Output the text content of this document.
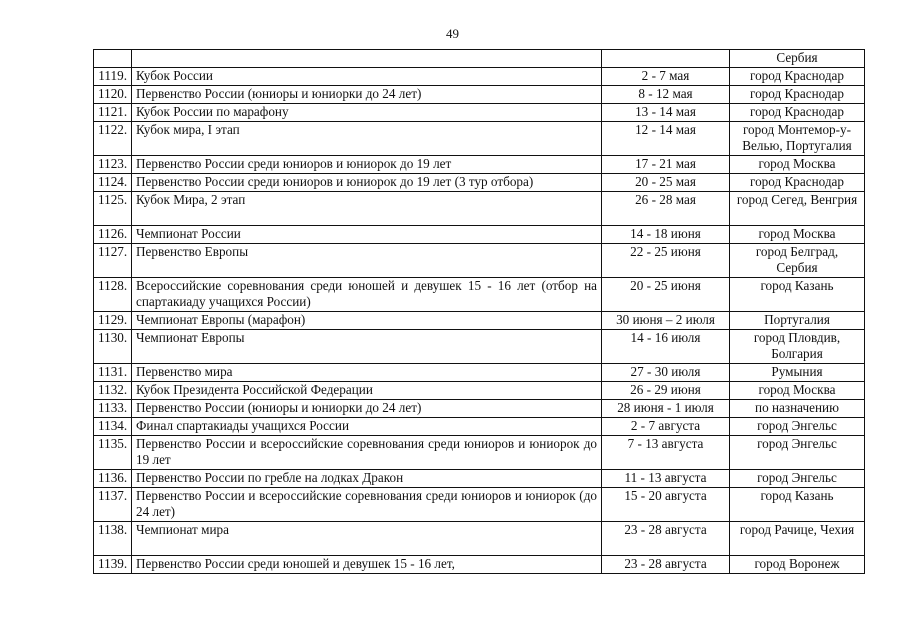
49
			Сербия
1119.	Кубок России	2 - 7 мая	город Краснодар
1120.	Первенство России (юниоры и юниорки до 24 лет)	8 - 12 мая	город Краснодар
1121.	Кубок России по марафону	13 - 14 мая	город Краснодар
1122.	Кубок мира, I этап	12 - 14 мая	город Монтемор-у-Велью, Португалия
1123.	Первенство России среди юниоров и юниорок до 19 лет	17 - 21 мая	город Москва
1124.	Первенство России среди юниоров и юниорок до 19 лет (3 тур отбора)	20 - 25 мая	город Краснодар
1125.	Кубок Мира, 2 этап	26 - 28 мая	город Сегед, Венгрия
1126.	Чемпионат России	14 - 18 июня	город Москва
1127.	Первенство Европы	22 - 25 июня	город Белград, Сербия
1128.	Всероссийские соревнования среди юношей и девушек 15 - 16 лет (отбор на спартакиаду учащихся России)	20 - 25 июня	город Казань
1129.	Чемпионат Европы (марафон)	30 июня – 2 июля	Португалия
1130.	Чемпионат Европы	14 - 16 июля	город Пловдив, Болгария
1131.	Первенство мира	27 - 30 июля	Румыния
1132.	Кубок Президента Российской Федерации	26 - 29 июня	город Москва
1133.	Первенство России (юниоры и юниорки до 24 лет)	28 июня - 1 июля	по назначению
1134.	Финал спартакиады учащихся России	2 - 7 августа	город Энгельс
1135.	Первенство России и всероссийские соревнования среди юниоров и юниорок до 19 лет	7 - 13 августа	город Энгельс
1136.	Первенство России по гребле на лодках Дракон	11 - 13 августа	город Энгельс
1137.	Первенство России и всероссийские соревнования среди юниоров и юниорок (до 24 лет)	15 - 20 августа	город Казань
1138.	Чемпионат мира	23 - 28 августа	город Рачице, Чехия
1139.	Первенство России среди юношей и девушек 15 - 16 лет,	23 - 28 августа	город Воронеж
